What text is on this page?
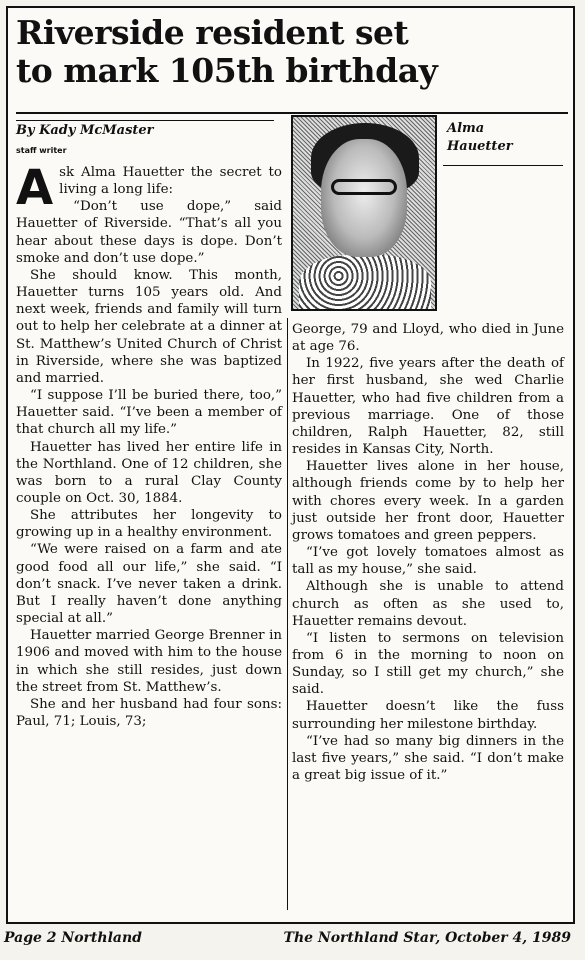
Riverside resident set
to mark 105th birthday
By Kady McMaster
staff writer
Alma
Hauetter

Ask Alma Hauetter the secret to living a long life:

“Don’t use dope,” said Hauetter of Riverside. “That’s all you hear about these days is dope. Don’t smoke and don’t use dope.”

She should know. This month, Hauetter turns 105 years old. And next week, friends and family will turn out to help her celebrate at a dinner at St. Matthew’s United Church of Christ in Riverside, where she was baptized and married.

“I suppose I’ll be buried there, too,” Hauetter said. “I’ve been a member of that church all my life.”

Hauetter has lived her entire life in the Northland. One of 12 children, she was born to a rural Clay County couple on Oct. 30, 1884.

She attributes her longevity to growing up in a healthy environment.

“We were raised on a farm and ate good food all our life,” she said. “I don’t snack. I’ve never taken a drink. But I really haven’t done anything special at all.”

Hauetter married George Brenner in 1906 and moved with him to the house in which she still resides, just down the street from St. Matthew’s.

She and her husband had four sons: Paul, 71; Louis, 73;

George, 79 and Lloyd, who died in June at age 76.

In 1922, five years after the death of her first husband, she wed Charlie Hauetter, who had five children from a previous marriage. One of those children, Ralph Hauetter, 82, still resides in Kansas City, North.

Hauetter lives alone in her house, although friends come by to help her with chores every week. In a garden just outside her front door, Hauetter grows tomatoes and green peppers.

“I’ve got lovely tomatoes almost as tall as my house,” she said.

Although she is unable to attend church as often as she used to, Hauetter remains devout.

“I listen to sermons on television from 6 in the morning to noon on Sunday, so I still get my church,” she said.

Hauetter doesn’t like the fuss surrounding her milestone birthday.

“I’ve had so many big dinners in the last five years,” she said. “I don’t make a great big issue of it.”

Page 2 Northland	The Northland Star, October 4, 1989
